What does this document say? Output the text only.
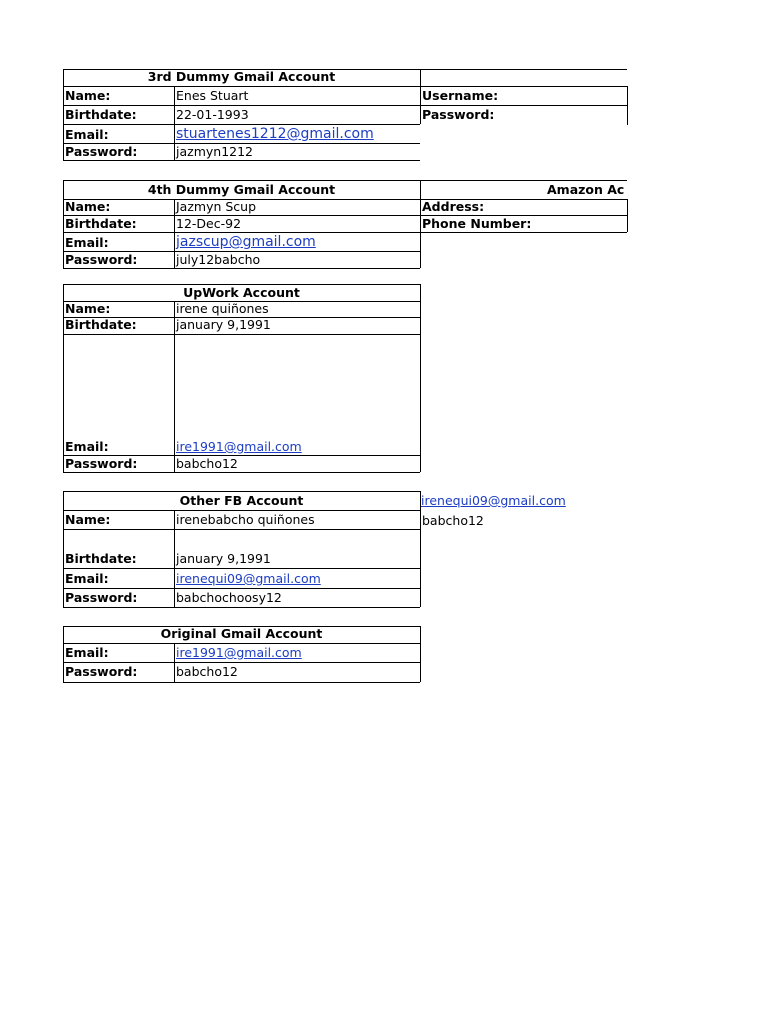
3rd Dummy Gmail Account
Name:	Enes Stuart	Username:
Birthdate:	22-01-1993	Password:
Email:	stuartenes1212@gmail.com
Password:	jazmyn1212
4th Dummy Gmail Account	Amazon Ac
Name:	Jazmyn Scup	Address:
Birthdate:	12-Dec-92	Phone Number:
Email:	jazscup@gmail.com
Password:	july12babcho
UpWork Account
Name:	irene quiñones
Birthdate:	january 9,1991
Email:	ire1991@gmail.com
Password:	babcho12
Other FB Account	irenequi09@gmail.com
babcho12
Name:	irenebabcho quiñones
Birthdate:	january 9,1991
Email:	irenequi09@gmail.com
Password:	babchochoosy12
Original Gmail Account
Email:	ire1991@gmail.com
Password:	babcho12
